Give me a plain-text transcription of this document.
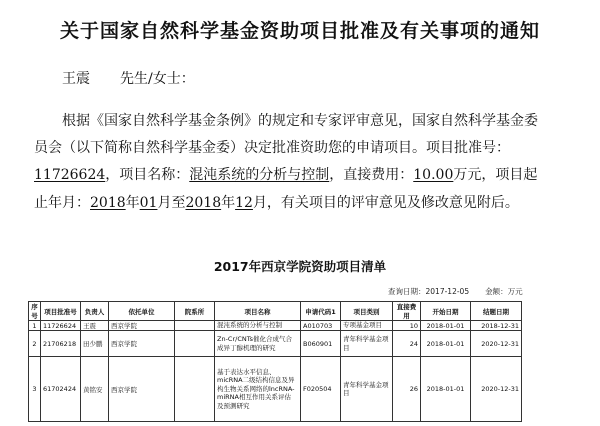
关于国家自然科学基金资助项目批准及有关事项的通知
王震 先生/女士：
根据《国家自然科学基金条例》的规定和专家评审意见，国家自然科学基金委
员会（以下简称自然科学基金委）决定批准资助您的申请项目。项目批准号：
11726624，项目名称：混沌系统的分析与控制，直接费用：10.00万元，项目起
止年月：2018年01月至2018年12月，有关项目的评审意见及修改意见附后。
2017年西京学院资助项目清单
查询日期：2017-12-05 金额：万元
序号	项目批准号	负责人	依托单位	院系所	项目名称	申请代码1	项目类别	直接费用	开始日期	结题日期
1	11726624	王震	西京学院		混沌系统的分析与控制	A010703	专项基金项目	10	2018-01-01	2018-12-31
2	21706218	田少鹏	西京学院		Zn-Cr/CNTs催化合成气合
成异丁醇机理的研究	B060901	青年科学基金项
目	24	2018-01-01	2020-12-31
3	61702424	黄铭安	西京学院		基于表达水平信息、
micRNA二级结构信息及异
构生物关系网络的lncRNA-
miRNA相互作用关系评估
及预测研究	F020504	青年科学基金项
目	26	2018-01-01	2020-12-31
